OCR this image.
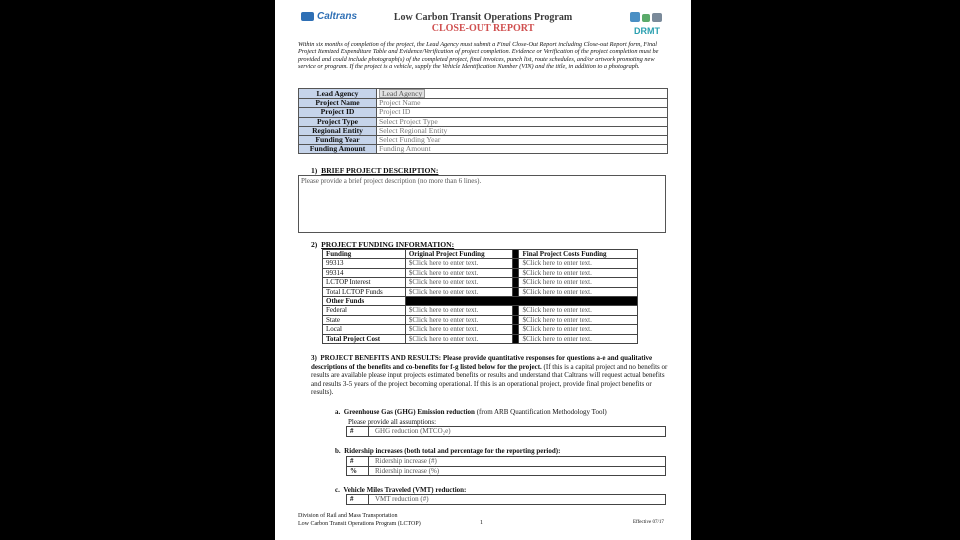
Caltrans	Low Carbon Transit Operations Program
CLOSE-OUT REPORT	DRMT
Within six months of completion of the project, the Lead Agency must submit a Final Close-Out Report including Close-out Report form, Final Project Itemized Expenditure Table and Evidence/Verification of project completion. Evidence or Verification of the project completion must be provided and could include photograph(s) of the completed project, final invoices, punch list, route schedules, and/or artwork promoting new service or program. If the project is a vehicle, supply the Vehicle Identification Number (VIN) and the title, in addition to a photograph.
Lead Agency	Lead Agency
Project Name	Project Name
Project ID	Project ID
Project Type	Select Project Type
Regional Entity	Select Regional Entity
Funding Year	Select Funding Year
Funding Amount	Funding Amount
1) BRIEF PROJECT DESCRIPTION:
Please provide a brief project description (no more than 6 lines).
2) PROJECT FUNDING INFORMATION:
Funding	Original Project Funding		Final Project Costs Funding
99313	$Click here to enter text.		$Click here to enter text.
99314	$Click here to enter text.		$Click here to enter text.
LCTOP Interest	$Click here to enter text.		$Click here to enter text.
Total LCTOP Funds	$Click here to enter text.		$Click here to enter text.
Other Funds			
Federal	$Click here to enter text.		$Click here to enter text.
State	$Click here to enter text.		$Click here to enter text.
Local	$Click here to enter text.		$Click here to enter text.
Total Project Cost	$Click here to enter text.		$Click here to enter text.
3) PROJECT BENEFITS AND RESULTS: Please provide quantitative responses for questions a-e and qualitative descriptions of the benefits and co-benefits for f-g listed below for the project. (If this is a capital project and no benefits or results are available please input projects estimated benefits or results and understand that Caltrans will request actual benefits and results 3-5 years of the project becoming operational. If this is an operational project, provide final project benefits or results).
a. Greenhouse Gas (GHG) Emission reduction (from ARB Quantification Methodology Tool)
Please provide all assumptions:
#	GHG reduction (MTCO₂e)
b. Ridership increases (both total and percentage for the reporting period):
#	Ridership increase (#)
%	Ridership increase (%)
c. Vehicle Miles Traveled (VMT) reduction:
#	VMT reduction (#)
Division of Rail and Mass Transportation
Low Carbon Transit Operations Program (LCTOP)	1	Effective 07/17
